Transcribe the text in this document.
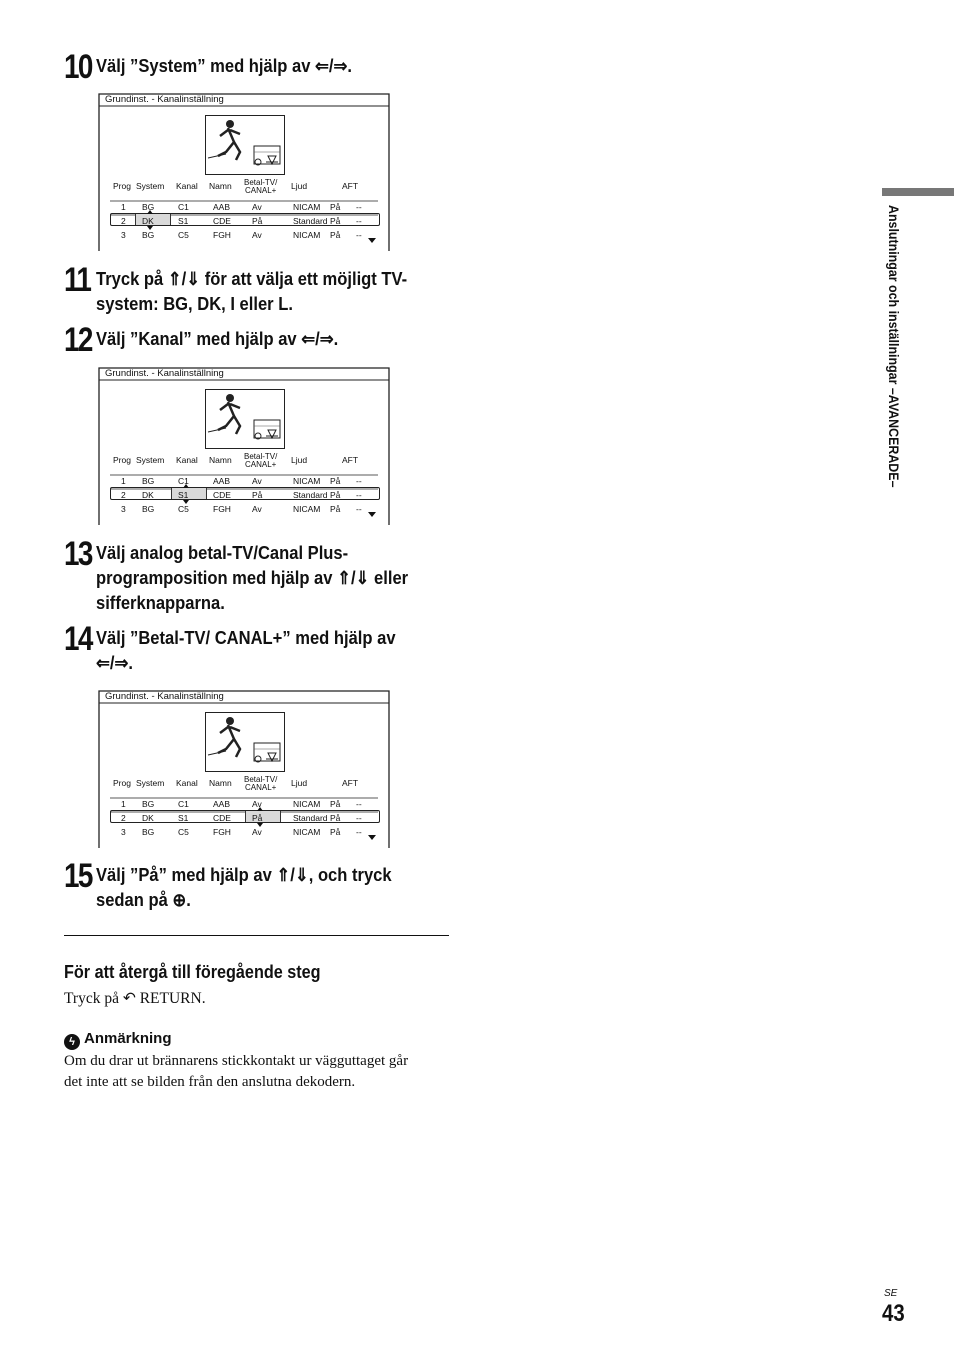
10 Välj ”System” med hjälp av ⇐/⇒.
Grundinst. - Kanalinställning
Prog System Kanal Namn Betal-TV/
CANAL+ Ljud	AFT
1 BG	C1	AAB	Av	NICAM På --
2 DK	S1	CDE På	Standard På --
3 BG	C5	FGH Av	NICAM På --
11 Tryck på ⇑/⇓ för att välja ett möjligt TV-
system: BG, DK, I eller L.
12 Välj ”Kanal” med hjälp av ⇐/⇒.
Grundinst. - Kanalinställning
Prog System Kanal Namn Betal-TV/
CANAL+ Ljud	AFT
1 BG	C1	AAB	Av	NICAM På --
2 DK	S1	CDE På	Standard På --
3 BG	C5	FGH Av	NICAM På --
13 Välj analog betal-TV/Canal Plus-
programposition med hjälp av ⇑/⇓ eller
sifferknapparna.
14 Välj ”Betal-TV/ CANAL+” med hjälp av
⇐/⇒.
Grundinst. - Kanalinställning
Prog System Kanal Namn Betal-TV/
CANAL+ Ljud	AFT
1 BG	C1	AAB	Av	NICAM På --
2 DK	S1	CDE På	Standard På --
3 BG	C5	FGH Av	NICAM På --
15 Välj ”På” med hjälp av ⇑/⇓, och tryck
sedan på ⊕.
För att återgå till föregående steg
Tryck på ↶ RETURN.
ϟ Anmärkning
Om du drar ut brännarens stickkontakt ur vägguttaget går
det inte att se bilden från den anslutna dekodern.
Anslutningar och inställningar –AVANCERADE–
SE
43
